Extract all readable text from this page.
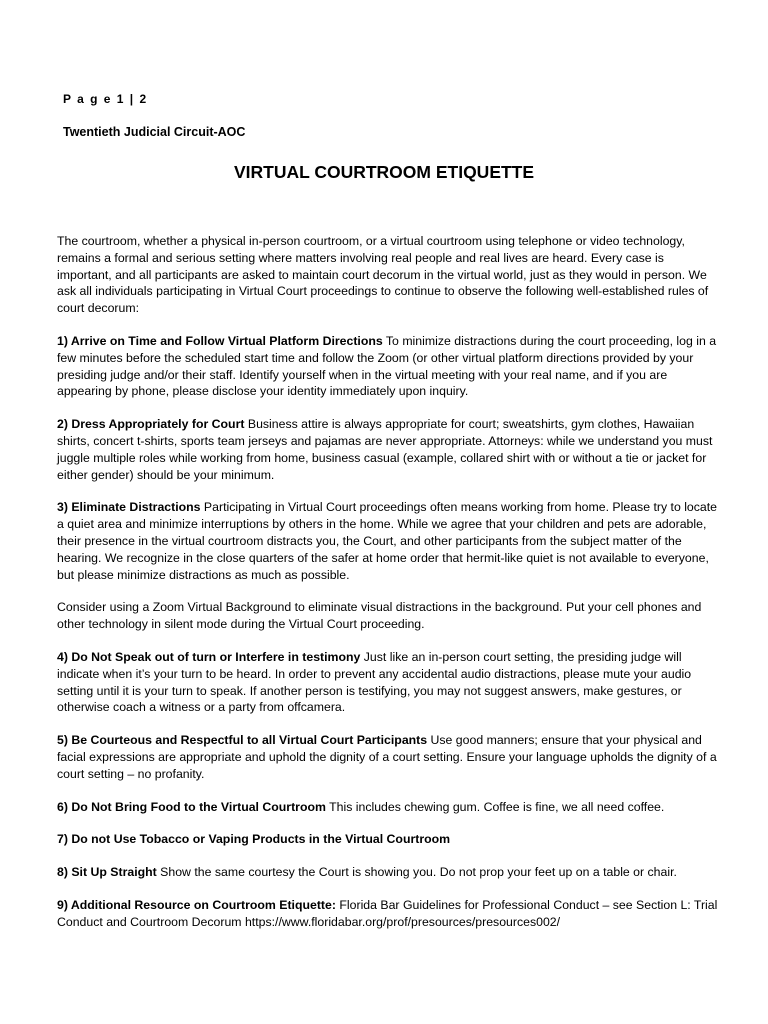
P a g e 1 | 2
Twentieth Judicial Circuit-AOC
VIRTUAL COURTROOM ETIQUETTE

The courtroom, whether a physical in-person courtroom, or a virtual courtroom using telephone or video technology, remains a formal and serious setting where matters involving real people and real lives are heard. Every case is important, and all participants are asked to maintain court decorum in the virtual world, just as they would in person. We ask all individuals participating in Virtual Court proceedings to continue to observe the following well-established rules of court decorum:

1) Arrive on Time and Follow Virtual Platform Directions To minimize distractions during the court proceeding, log in a few minutes before the scheduled start time and follow the Zoom (or other virtual platform directions provided by your presiding judge and/or their staff. Identify yourself when in the virtual meeting with your real name, and if you are appearing by phone, please disclose your identity immediately upon inquiry.

2) Dress Appropriately for Court Business attire is always appropriate for court; sweatshirts, gym clothes, Hawaiian shirts, concert t-shirts, sports team jerseys and pajamas are never appropriate. Attorneys: while we understand you must juggle multiple roles while working from home, business casual (example, collared shirt with or without a tie or jacket for either gender) should be your minimum.

3) Eliminate Distractions Participating in Virtual Court proceedings often means working from home. Please try to locate a quiet area and minimize interruptions by others in the home. While we agree that your children and pets are adorable, their presence in the virtual courtroom distracts you, the Court, and other participants from the subject matter of the hearing. We recognize in the close quarters of the safer at home order that hermit-like quiet is not available to everyone, but please minimize distractions as much as possible.

Consider using a Zoom Virtual Background to eliminate visual distractions in the background. Put your cell phones and other technology in silent mode during the Virtual Court proceeding.

4) Do Not Speak out of turn or Interfere in testimony Just like an in-person court setting, the presiding judge will indicate when it’s your turn to be heard. In order to prevent any accidental audio distractions, please mute your audio setting until it is your turn to speak. If another person is testifying, you may not suggest answers, make gestures, or otherwise coach a witness or a party from offcamera.

5) Be Courteous and Respectful to all Virtual Court Participants Use good manners; ensure that your physical and facial expressions are appropriate and uphold the dignity of a court setting. Ensure your language upholds the dignity of a court setting – no profanity.

6) Do Not Bring Food to the Virtual Courtroom This includes chewing gum. Coffee is fine, we all need coffee.

7) Do not Use Tobacco or Vaping Products in the Virtual Courtroom

8) Sit Up Straight Show the same courtesy the Court is showing you. Do not prop your feet up on a table or chair.

9) Additional Resource on Courtroom Etiquette: Florida Bar Guidelines for Professional Conduct – see Section L: Trial Conduct and Courtroom Decorum https://www.floridabar.org/prof/presources/presources002/
